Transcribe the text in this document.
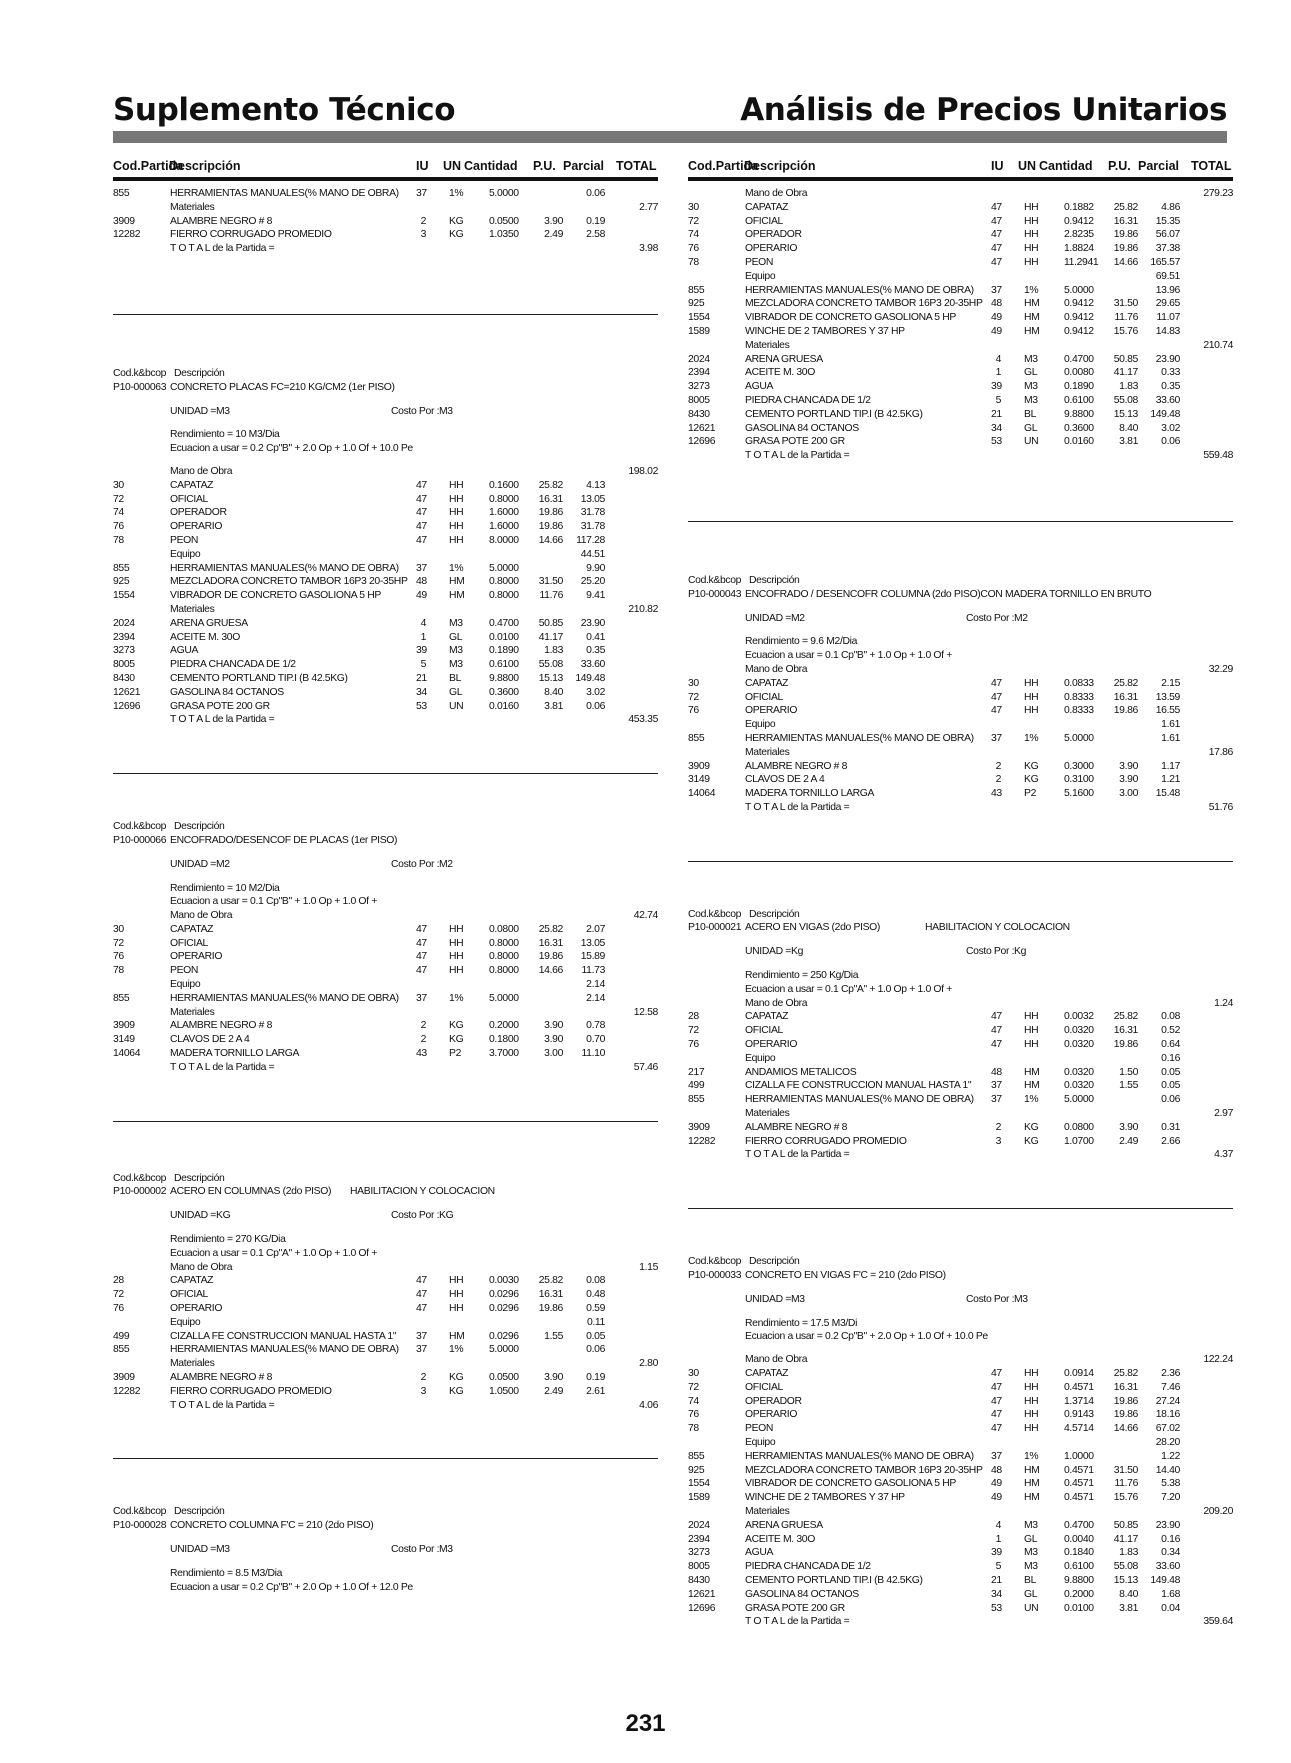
Suplemento Técnico	Análisis de Precios Unitarios
Cod.Partida
Descripción	IU UN Cantidad P.U. Parcial TOTAL
855	HERRAMIENTAS MANUALES(% MANO DE OBRA) 37 1% 5.0000	0.06
Materiales	2.77
3909	ALAMBRE NEGRO # 8	2 KG 0.0500 3.90 0.19
12282	FIERRO CORRUGADO PROMEDIO	3 KG 1.0350 2.49 2.58
T O T A L de la Partida =	3.98
Cod.k&bcop Descripción
P10-000063 CONCRETO PLACAS FC=210 KG/CM2 (1er PISO)
UNIDAD = M3	Costo Por : M3
Rendimiento = 10 M3/Dia
Ecuacion a usar = 0.2 Cp"B" + 2.0 Op + 1.0 Of + 10.0 Pe
Mano de Obra	198.02
30	CAPATAZ	47 HH 0.1600 25.82 4.13
72	OFICIAL	47 HH 0.8000 16.31 13.05
74	OPERADOR	47 HH 1.6000 19.86 31.78
76	OPERARIO	47 HH 1.6000 19.86 31.78
78	PEON	47 HH 8.0000 14.66 117.28
Equipo	44.51
855	HERRAMIENTAS MANUALES(% MANO DE OBRA) 37 1% 5.0000	9.90
925	MEZCLADORA CONCRETO TAMBOR 16P3 20-35HP 48 HM 0.8000 31.50 25.20
1554	VIBRADOR DE CONCRETO GASOLIONA 5 HP	49 HM 0.8000 11.76 9.41
Materiales	210.82
2024	ARENA GRUESA	4 M3	0.4700 50.85 23.90
2394	ACEITE M. 30O	1 GL	0.0100 41.17 0.41
3273	AGUA	39 M3	0.1890 1.83 0.35
8005	PIEDRA CHANCADA DE 1/2	5 M3	0.6100 55.08 33.60
8430	CEMENTO PORTLAND TIP.I (B 42.5KG)	21 BL	9.8800 15.13 149.48
12621	GASOLINA 84 OCTANOS	34 GL	0.3600 8.40 3.02
12696	GRASA POTE 200 GR	53 UN 0.0160 3.81 0.06
T O T A L de la Partida =	453.35
Cod.k&bcop Descripción
P10-000066 ENCOFRADO/DESENCOF DE PLACAS (1er PISO)
UNIDAD = M2	Costo Por : M2
Rendimiento = 10 M2/Dia
Ecuacion a usar = 0.1 Cp"B" + 1.0 Op + 1.0 Of +
Mano de Obra	42.74
30	CAPATAZ	47 HH 0.0800 25.82 2.07
72	OFICIAL	47 HH 0.8000 16.31 13.05
76	OPERARIO	47 HH 0.8000 19.86 15.89
78	PEON	47 HH 0.8000 14.66 11.73
Equipo	2.14
855	HERRAMIENTAS MANUALES(% MANO DE OBRA) 37 1% 5.0000	2.14
Materiales	12.58
3909	ALAMBRE NEGRO # 8	2 KG 0.2000 3.90 0.78
3149	CLAVOS DE 2 A 4	2 KG 0.1800 3.90 0.70
14064	MADERA TORNILLO LARGA	43 P2	3.7000 3.00 11.10
T O T A L de la Partida =	57.46
Cod.k&bcop Descripción
P10-000002 ACERO EN COLUMNAS (2do PISO) HABILITACION Y COLOCACION
UNIDAD = KG	Costo Por : KG
Rendimiento = 270 KG/Dia
Ecuacion a usar = 0.1 Cp"A" + 1.0 Op + 1.0 Of +
Mano de Obra	1.15
28	CAPATAZ	47 HH 0.0030 25.82 0.08
72	OFICIAL	47 HH 0.0296 16.31 0.48
76	OPERARIO	47 HH 0.0296 19.86 0.59
Equipo	0.11
499	CIZALLA FE CONSTRUCCION MANUAL HASTA 1" 37 HM 0.0296 1.55 0.05
855	HERRAMIENTAS MANUALES(% MANO DE OBRA) 37 1% 5.0000	0.06
Materiales	2.80
3909	ALAMBRE NEGRO # 8	2 KG 0.0500 3.90 0.19
12282	FIERRO CORRUGADO PROMEDIO	3 KG 1.0500 2.49 2.61
T O T A L de la Partida =	4.06
Cod.k&bcop Descripción
P10-000028 CONCRETO COLUMNA F'C = 210 (2do PISO)
UNIDAD = M3	Costo Por : M3
Rendimiento = 8.5 M3/Dia
Ecuacion a usar = 0.2 Cp"B" + 2.0 Op + 1.0 Of + 12.0 Pe
Cod.Partida
Descripción	IU UN Cantidad P.U. Parcial TOTAL
Mano de Obra	279.23
30	CAPATAZ	47 HH 0.1882 25.82 4.86
72	OFICIAL	47 HH 0.9412 16.31 15.35
74	OPERADOR	47 HH 2.8235 19.86 56.07
76	OPERARIO	47 HH 1.8824 19.86 37.38
78	PEON	47 HH 11.2941 14.66 165.57
Equipo	69.51
855	HERRAMIENTAS MANUALES(% MANO DE OBRA) 37 1% 5.0000	13.96
925	MEZCLADORA CONCRETO TAMBOR 16P3 20-35HP 48 HM 0.9412 31.50 29.65
1554	VIBRADOR DE CONCRETO GASOLIONA 5 HP	49 HM 0.9412 11.76 11.07
1589	WINCHE DE 2 TAMBORES Y 37 HP	49 HM 0.9412 15.76 14.83
Materiales	210.74
2024	ARENA GRUESA	4 M3	0.4700 50.85 23.90
2394	ACEITE M. 30O	1 GL	0.0080 41.17 0.33
3273	AGUA	39 M3	0.1890 1.83 0.35
8005	PIEDRA CHANCADA DE 1/2	5 M3	0.6100 55.08 33.60
8430	CEMENTO PORTLAND TIP.I (B 42.5KG)	21 BL	9.8800 15.13 149.48
12621	GASOLINA 84 OCTANOS	34 GL	0.3600 8.40 3.02
12696	GRASA POTE 200 GR	53 UN 0.0160 3.81 0.06
T O T A L de la Partida =	559.48
Cod.k&bcop Descripción
P10-000043 ENCOFRADO / DESENCOFR COLUMNA (2do PISO)CON MADERA TORNILLO EN BRUTO
UNIDAD = M2	Costo Por : M2
Rendimiento = 9.6 M2/Dia
Ecuacion a usar = 0.1 Cp"B" + 1.0 Op + 1.0 Of +
Mano de Obra	32.29
30	CAPATAZ	47 HH 0.0833 25.82 2.15
72	OFICIAL	47 HH 0.8333 16.31 13.59
76	OPERARIO	47 HH 0.8333 19.86 16.55
Equipo	1.61
855	HERRAMIENTAS MANUALES(% MANO DE OBRA) 37 1% 5.0000	1.61
Materiales	17.86
3909	ALAMBRE NEGRO # 8	2 KG 0.3000 3.90 1.17
3149	CLAVOS DE 2 A 4	2 KG 0.3100 3.90 1.21
14064	MADERA TORNILLO LARGA	43 P2	5.1600 3.00 15.48
T O T A L de la Partida =	51.76
Cod.k&bcop Descripción
P10-000021 ACERO EN VIGAS (2do PISO)	HABILITACION Y COLOCACION
UNIDAD = Kg	Costo Por : Kg
Rendimiento = 250 Kg/Dia
Ecuacion a usar = 0.1 Cp"A" + 1.0 Op + 1.0 Of +
Mano de Obra	1.24
28	CAPATAZ	47 HH 0.0032 25.82 0.08
72	OFICIAL	47 HH 0.0320 16.31 0.52
76	OPERARIO	47 HH 0.0320 19.86 0.64
Equipo	0.16
217	ANDAMIOS METALICOS	48 HM 0.0320 1.50 0.05
499	CIZALLA FE CONSTRUCCION MANUAL HASTA 1" 37 HM 0.0320 1.55 0.05
855	HERRAMIENTAS MANUALES(% MANO DE OBRA) 37 1% 5.0000	0.06
Materiales	2.97
3909	ALAMBRE NEGRO # 8	2 KG 0.0800 3.90 0.31
12282	FIERRO CORRUGADO PROMEDIO	3 KG 1.0700 2.49 2.66
T O T A L de la Partida =	4.37
Cod.k&bcop Descripción
P10-000033 CONCRETO EN VIGAS F'C = 210 (2do PISO)
UNIDAD = M3	Costo Por : M3
Rendimiento = 17.5 M3/Di
Ecuacion a usar = 0.2 Cp"B" + 2.0 Op + 1.0 Of + 10.0 Pe
Mano de Obra	122.24
30	CAPATAZ	47 HH 0.0914 25.82 2.36
72	OFICIAL	47 HH 0.4571 16.31 7.46
74	OPERADOR	47 HH 1.3714 19.86 27.24
76	OPERARIO	47 HH 0.9143 19.86 18.16
78	PEON	47 HH 4.5714 14.66 67.02
Equipo	28.20
855	HERRAMIENTAS MANUALES(% MANO DE OBRA) 37 1% 1.0000	1.22
925	MEZCLADORA CONCRETO TAMBOR 16P3 20-35HP 48 HM 0.4571 31.50 14.40
1554	VIBRADOR DE CONCRETO GASOLIONA 5 HP	49 HM 0.4571 11.76 5.38
1589	WINCHE DE 2 TAMBORES Y 37 HP	49 HM 0.4571 15.76 7.20
Materiales	209.20
2024	ARENA GRUESA	4 M3	0.4700 50.85 23.90
2394	ACEITE M. 30O	1 GL	0.0040 41.17 0.16
3273	AGUA	39 M3	0.1840 1.83 0.34
8005	PIEDRA CHANCADA DE 1/2	5 M3	0.6100 55.08 33.60
8430	CEMENTO PORTLAND TIP.I (B 42.5KG)	21 BL	9.8800 15.13 149.48
12621	GASOLINA 84 OCTANOS	34 GL	0.2000 8.40 1.68
12696	GRASA POTE 200 GR	53 UN 0.0100 3.81 0.04
T O T A L de la Partida =	359.64
231
